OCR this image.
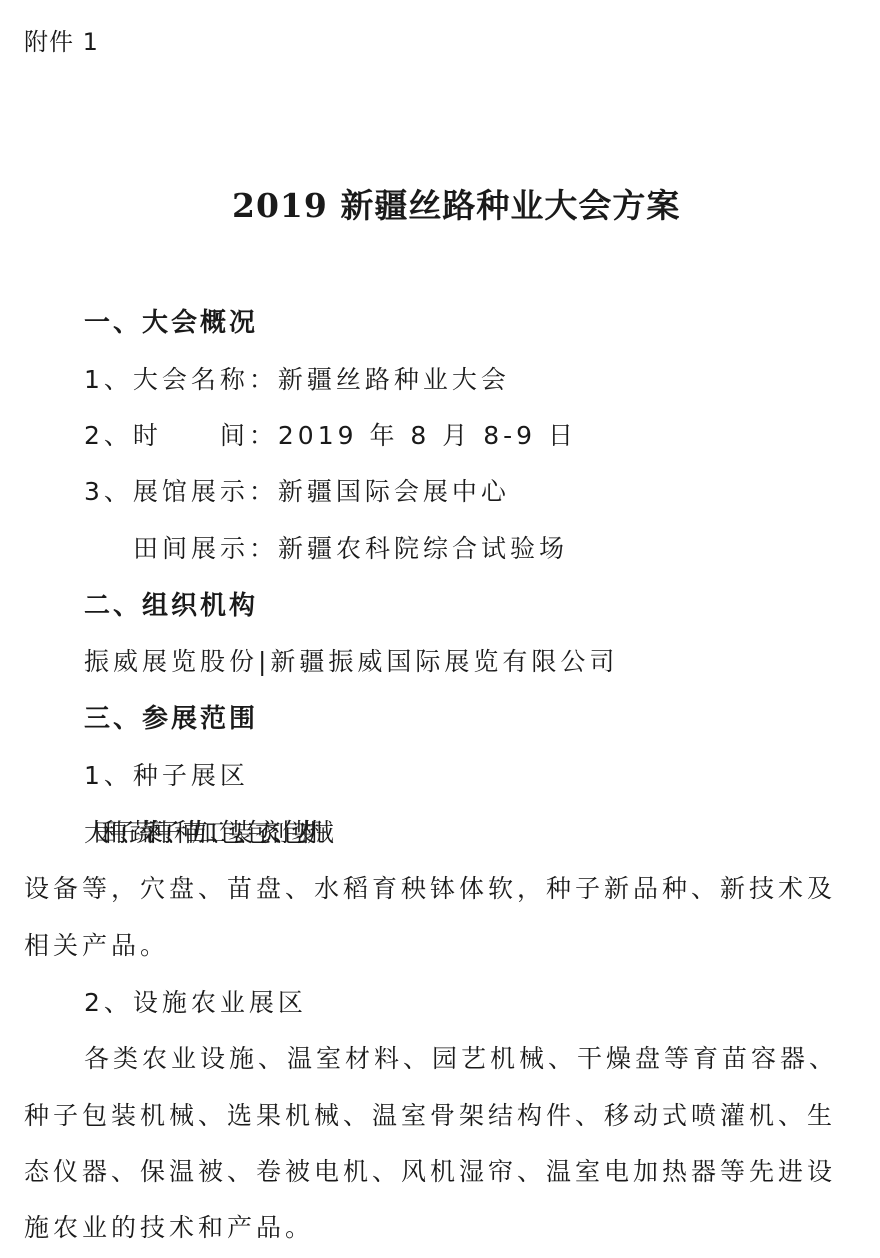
附件 1
2019 新疆丝路种业大会方案
一、大会概况
1、大会名称：新疆丝路种业大会
2、时　　间：2019 年 8 月 8-9 日
3、展馆展示：新疆国际会展中心
田间展示：新疆农科院综合试验场
二、组织机构
振威展览股份|新疆振威国际展览有限公司
三、参展范围
1、种子展区
大田种子、蔬菜种子、种苗加工、包装、包衣剂、包装机械
设备等，穴盘、苗盘、水稻育秧钵体软，种子新品种、新技术及
相关产品。
2、设施农业展区
各类农业设施、温室材料、园艺机械、干燥盘等育苗容器、
种子包装机械、选果机械、温室骨架结构件、移动式喷灌机、生
态仪器、保温被、卷被电机、风机湿帘、温室电加热器等先进设
施农业的技术和产品。
